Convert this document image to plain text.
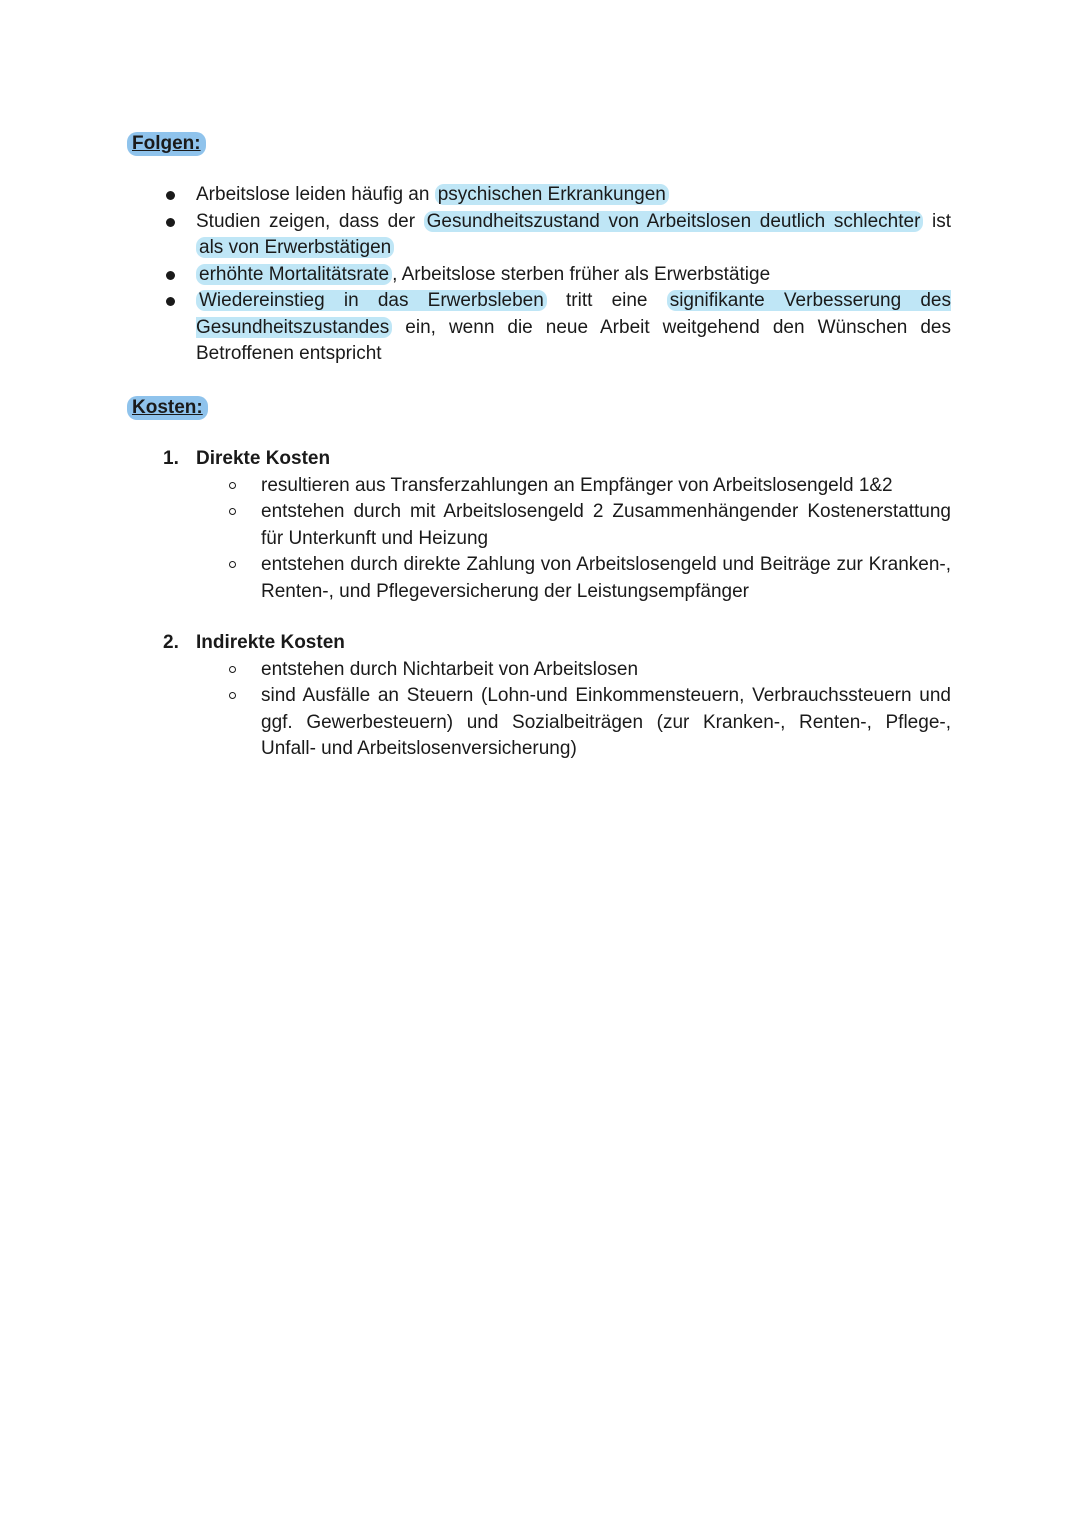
Folgen:
Arbeitslose leiden häufig an psychischen Erkrankungen
Studien zeigen, dass der Gesundheitszustand von Arbeitslosen deutlich schlechter ist als von Erwerbstätigen
erhöhte Mortalitätsrate , Arbeitslose sterben früher als Erwerbstätige
Wiedereinstieg in das Erwerbsleben tritt eine signifikante Verbesserung des Gesundheitszustandes ein, wenn die neue Arbeit weitgehend den Wünschen des Betroffenen entspricht
Kosten:
1. Direkte Kosten
resultieren aus Transferzahlungen an Empfänger von Arbeitslosengeld 1&2
entstehen durch mit Arbeitslosengeld 2 Zusammenhängender Kostenerstattung für Unterkunft und Heizung
entstehen durch direkte Zahlung von Arbeitslosengeld und Beiträge zur Kranken-, Renten-, und Pflegeversicherung der Leistungsempfänger
2. Indirekte Kosten
entstehen durch Nichtarbeit von Arbeitslosen
sind Ausfälle an Steuern (Lohn-und Einkommensteuern, Verbrauchssteuern und ggf. Gewerbesteuern) und Sozialbeiträgen (zur Kranken-, Renten-, Pflege-, Unfall- und Arbeitslosenversicherung)
